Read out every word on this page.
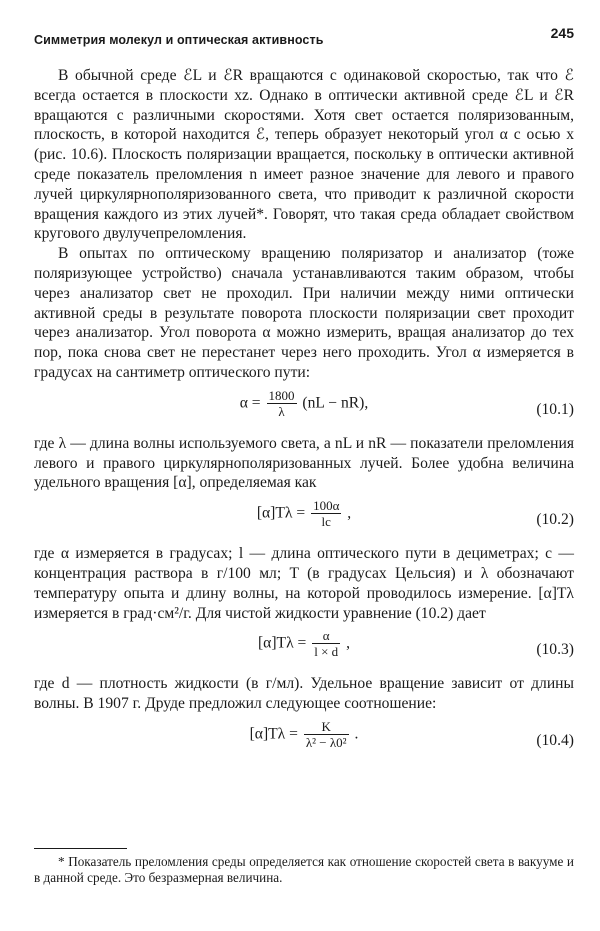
Симметрия молекул и оптическая активность	245

В обычной среде ℰL и ℰR вращаются с одинаковой скоростью, так что ℰ всегда остается в плоскости xz. Однако в оптически активной среде ℰL и ℰR вращаются с различными скоростями. Хотя свет остается поляризованным, плоскость, в которой находится ℰ, теперь образует некоторый угол α с осью x (рис. 10.6). Плоскость поляризации вращается, поскольку в оптически активной среде показатель преломления n имеет разное значение для левого и правого лучей циркулярнополяризованного света, что приводит к различной скорости вращения каждого из этих лучей*. Говорят, что такая среда обладает свойством кругового двулучепреломления.

В опытах по оптическому вращению поляризатор и анализатор (тоже поляризующее устройство) сначала устанавливаются таким образом, чтобы через анализатор свет не проходил. При наличии между ними оптически активной среды в результате поворота плоскости поляризации свет проходит через анализатор. Угол поворота α можно измерить, вращая анализатор до тех пор, пока снова свет не перестанет через него проходить. Угол α измеряется в градусах на сантиметр оптического пути:

$\alpha = \frac{1800}{\lambda} (nL - nR)$,	(10.1)

где λ — длина волны используемого света, а nL и nR — показатели преломления левого и правого циркулярнополяризованных лучей. Более удобна величина удельного вращения [α], определяемая как

$[\alpha]T\lambda = \frac{100\alpha}{lc}$ ,	(10.2)

где α измеряется в градусах; l — длина оптического пути в дециметрах; c — концентрация раствора в г/100 мл; T (в градусах Цельсия) и λ обозначают температуру опыта и длину волны, на которой проводилось измерение. [α]Tλ измеряется в град·см²/г. Для чистой жидкости уравнение (10.2) дает

$[\alpha]T\lambda = \frac{\alpha}{l \times d}$ ,	(10.3)

где d — плотность жидкости (в г/мл). Удельное вращение зависит от длины волны. В 1907 г. Друде предложил следующее соотношение:

$[\alpha]T\lambda = \frac{K}{\text{λ² − λ0²}}$ .	(10.4)

* Показатель преломления среды определяется как отношение скоростей света в вакууме и в данной среде. Это безразмерная величина.
